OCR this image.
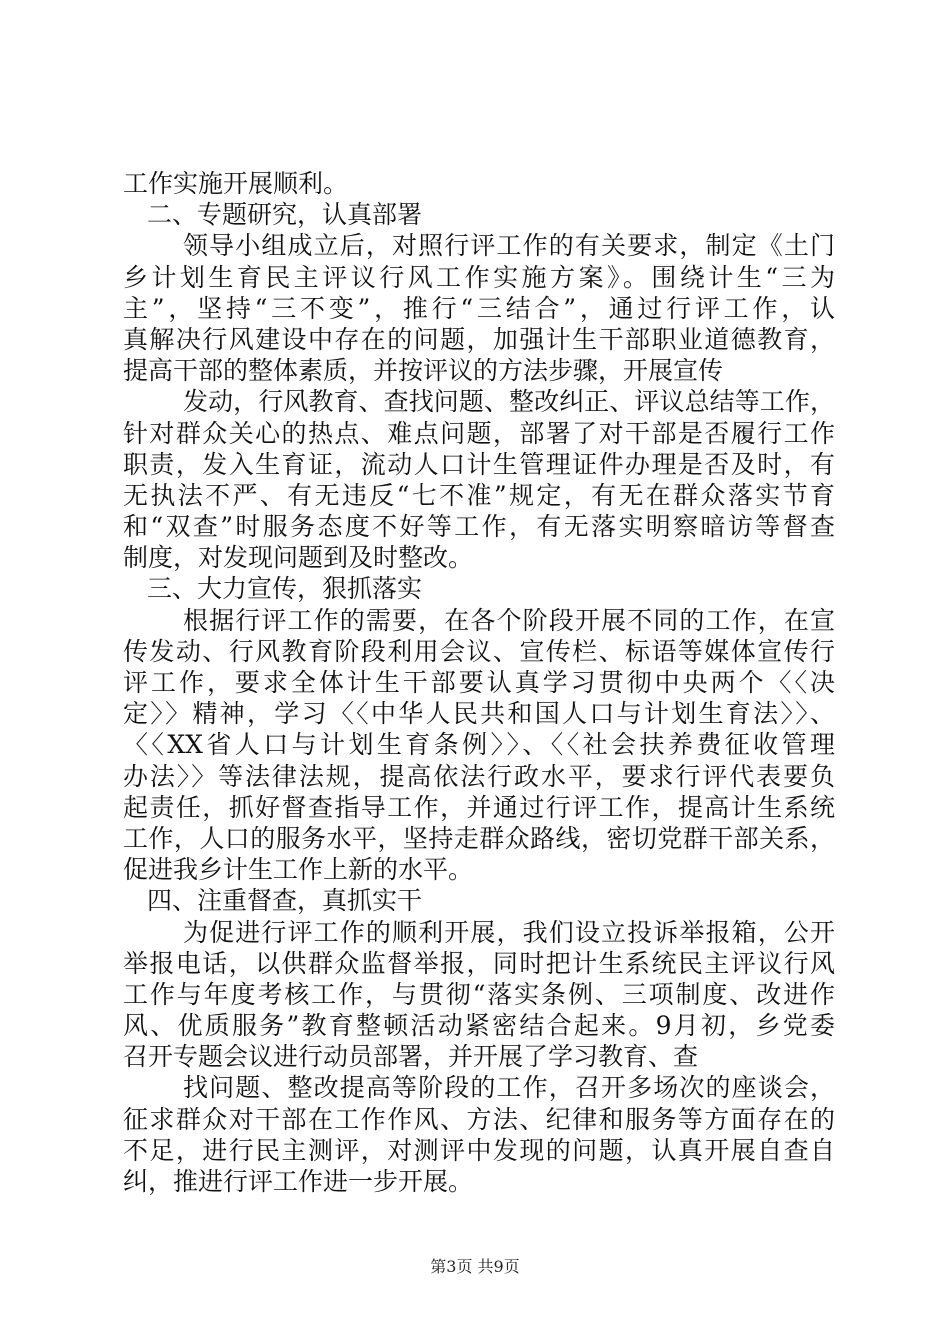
工作实施开展顺利。
二、专题研究，认真部署
领导小组成立后，对照行评工作的有关要求，制定《土门
乡计划生育民主评议行风工作实施方案》。围绕计生“三为
主”，坚持“三不变”，推行“三结合”，通过行评工作，认
真解决行风建设中存在的问题，加强计生干部职业道德教育，
提高干部的整体素质，并按评议的方法步骤，开展宣传
发动，行风教育、查找问题、整改纠正、评议总结等工作，
针对群众关心的热点、难点问题，部署了对干部是否履行工作
职责，发入生育证，流动人口计生管理证件办理是否及时，有
无执法不严、有无违反“七不准”规定，有无在群众落实节育
和“双查”时服务态度不好等工作，有无落实明察暗访等督查
制度，对发现问题到及时整改。
三、大力宣传，狠抓落实
根据行评工作的需要，在各个阶段开展不同的工作，在宣
传发动、行风教育阶段利用会议、宣传栏、标语等媒体宣传行
评工作，要求全体计生干部要认真学习贯彻中央两个〈〈决
定〉〉精神，学习〈〈中华人民共和国人口与计划生育法〉〉、
〈〈XX省人口与计划生育条例〉〉、〈〈社会扶养费征收管理
办法〉〉等法律法规，提高依法行政水平，要求行评代表要负
起责任，抓好督查指导工作，并通过行评工作，提高计生系统
工作，人口的服务水平，坚持走群众路线，密切党群干部关系，
促进我乡计生工作上新的水平。
四、注重督查，真抓实干
为促进行评工作的顺利开展，我们设立投诉举报箱，公开
举报电话，以供群众监督举报，同时把计生系统民主评议行风
工作与年度考核工作，与贯彻“落实条例、三项制度、改进作
风、优质服务”教育整顿活动紧密结合起来。9月初，乡党委
召开专题会议进行动员部署，并开展了学习教育、查
找问题、整改提高等阶段的工作，召开多场次的座谈会，
征求群众对干部在工作作风、方法、纪律和服务等方面存在的
不足，进行民主测评，对测评中发现的问题，认真开展自查自
纠，推进行评工作进一步开展。
第3页 共9页
